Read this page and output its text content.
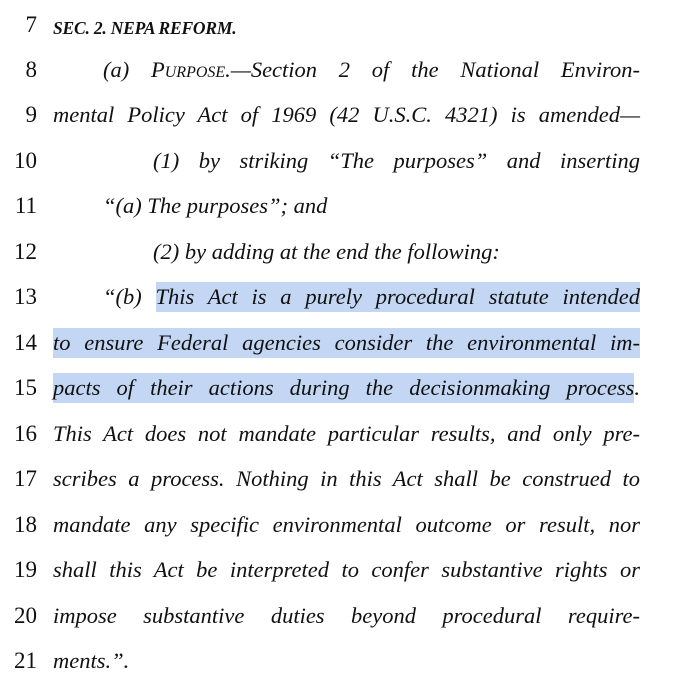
7 SEC. 2. NEPA REFORM.
8	(a) Purpose.—Section 2 of the National Environ-
9 mental Policy Act of 1969 (42 U.S.C. 4321) is amended—
10	(1) by striking “The purposes” and inserting
11	“(a) The purposes”; and
12	(2) by adding at the end the following:
13	“(b) This Act is a purely procedural statute intended
14 to ensure Federal agencies consider the environmental im-
15 pacts of their actions during the decisionmaking process.
16 This Act does not mandate particular results, and only pre-
17 scribes a process. Nothing in this Act shall be construed to
18 mandate any specific environmental outcome or result, nor
19 shall this Act be interpreted to confer substantive rights or
20 impose substantive duties beyond procedural require-
21 ments.”.
